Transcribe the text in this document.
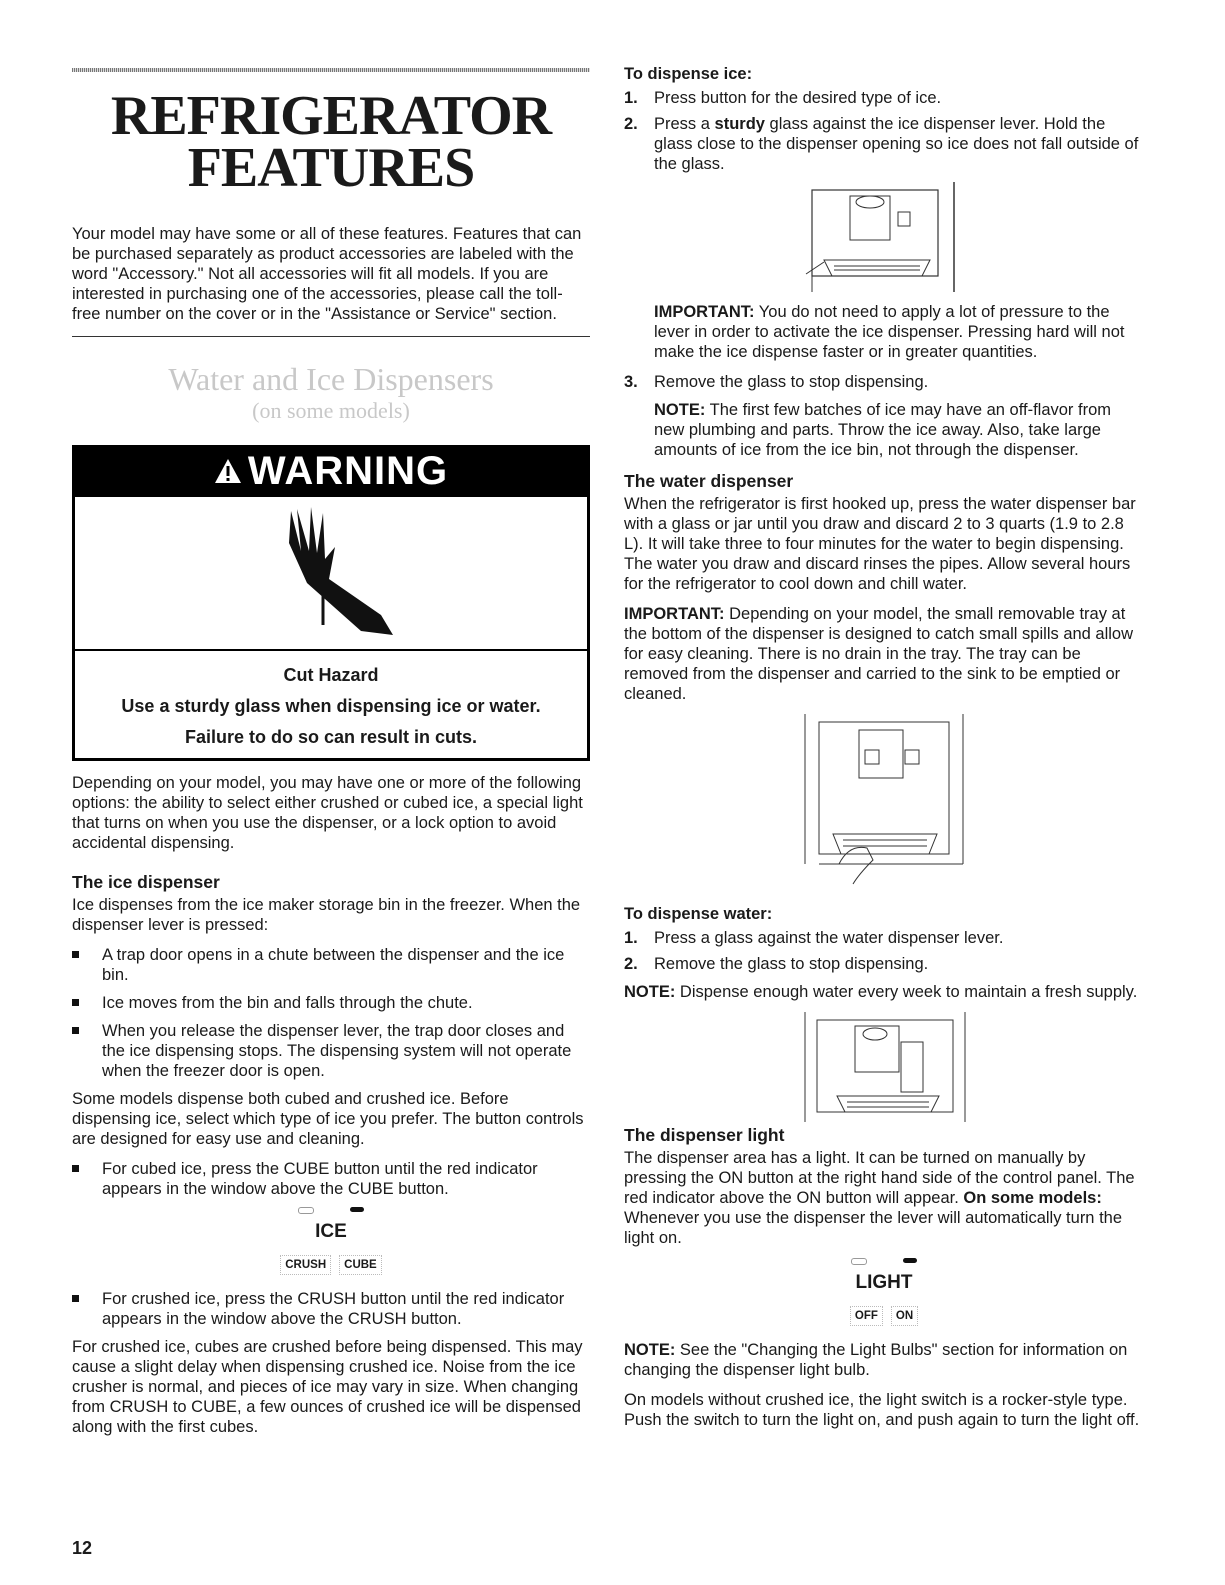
REFRIGERATOR
FEATURES

Your model may have some or all of these features. Features that can be purchased separately as product accessories are labeled with the word "Accessory." Not all accessories will fit all models. If you are interested in purchasing one of the accessories, please call the toll-free number on the cover or in the "Assistance or Service" section.

Water and Ice Dispensers

(on some models)

WARNING
Cut Hazard
Use a sturdy glass when dispensing ice or water.
Failure to do so can result in cuts.

Depending on your model, you may have one or more of the following options: the ability to select either crushed or cubed ice, a special light that turns on when you use the dispenser, or a lock option to avoid accidental dispensing.

The ice dispenser

Ice dispenses from the ice maker storage bin in the freezer. When the dispenser lever is pressed:

A trap door opens in a chute between the dispenser and the ice bin.
Ice moves from the bin and falls through the chute.
When you release the dispenser lever, the trap door closes and the ice dispensing stops. The dispensing system will not operate when the freezer door is open.

Some models dispense both cubed and crushed ice. Before dispensing ice, select which type of ice you prefer. The button controls are designed for easy use and cleaning.

For cubed ice, press the CUBE button until the red indicator appears in the window above the CUBE button.
ICE
CRUSH	CUBE
For crushed ice, press the CRUSH button until the red indicator appears in the window above the CRUSH button.

For crushed ice, cubes are crushed before being dispensed. This may cause a slight delay when dispensing crushed ice. Noise from the ice crusher is normal, and pieces of ice may vary in size. When changing from CRUSH to CUBE, a few ounces of crushed ice will be dispensed along with the first cubes.

To dispense ice:
1. Press button for the desired type of ice.
2. Press a sturdy glass against the ice dispenser lever. Hold the glass close to the dispenser opening so ice does not fall outside of the glass.

IMPORTANT: You do not need to apply a lot of pressure to the lever in order to activate the ice dispenser. Pressing hard will not make the ice dispense faster or in greater quantities.

3. Remove the glass to stop dispensing.

NOTE: The first few batches of ice may have an off-flavor from new plumbing and parts. Throw the ice away. Also, take large amounts of ice from the ice bin, not through the dispenser.

The water dispenser

When the refrigerator is first hooked up, press the water dispenser bar with a glass or jar until you draw and discard 2 to 3 quarts (1.9 to 2.8 L). It will take three to four minutes for the water to begin dispensing. The water you draw and discard rinses the pipes. Allow several hours for the refrigerator to cool down and chill water.

IMPORTANT: Depending on your model, the small removable tray at the bottom of the dispenser is designed to catch small spills and allow for easy cleaning. There is no drain in the tray. The tray can be removed from the dispenser and carried to the sink to be emptied or cleaned.

To dispense water:
1. Press a glass against the water dispenser lever.
2. Remove the glass to stop dispensing.

NOTE: Dispense enough water every week to maintain a fresh supply.

The dispenser light

The dispenser area has a light. It can be turned on manually by pressing the ON button at the right hand side of the control panel. The red indicator above the ON button will appear. On some models: Whenever you use the dispenser the lever will automatically turn the light on.

LIGHT
OFF	ON

NOTE: See the "Changing the Light Bulbs" section for information on changing the dispenser light bulb.

On models without crushed ice, the light switch is a rocker-style type. Push the switch to turn the light on, and push again to turn the light off.

12
